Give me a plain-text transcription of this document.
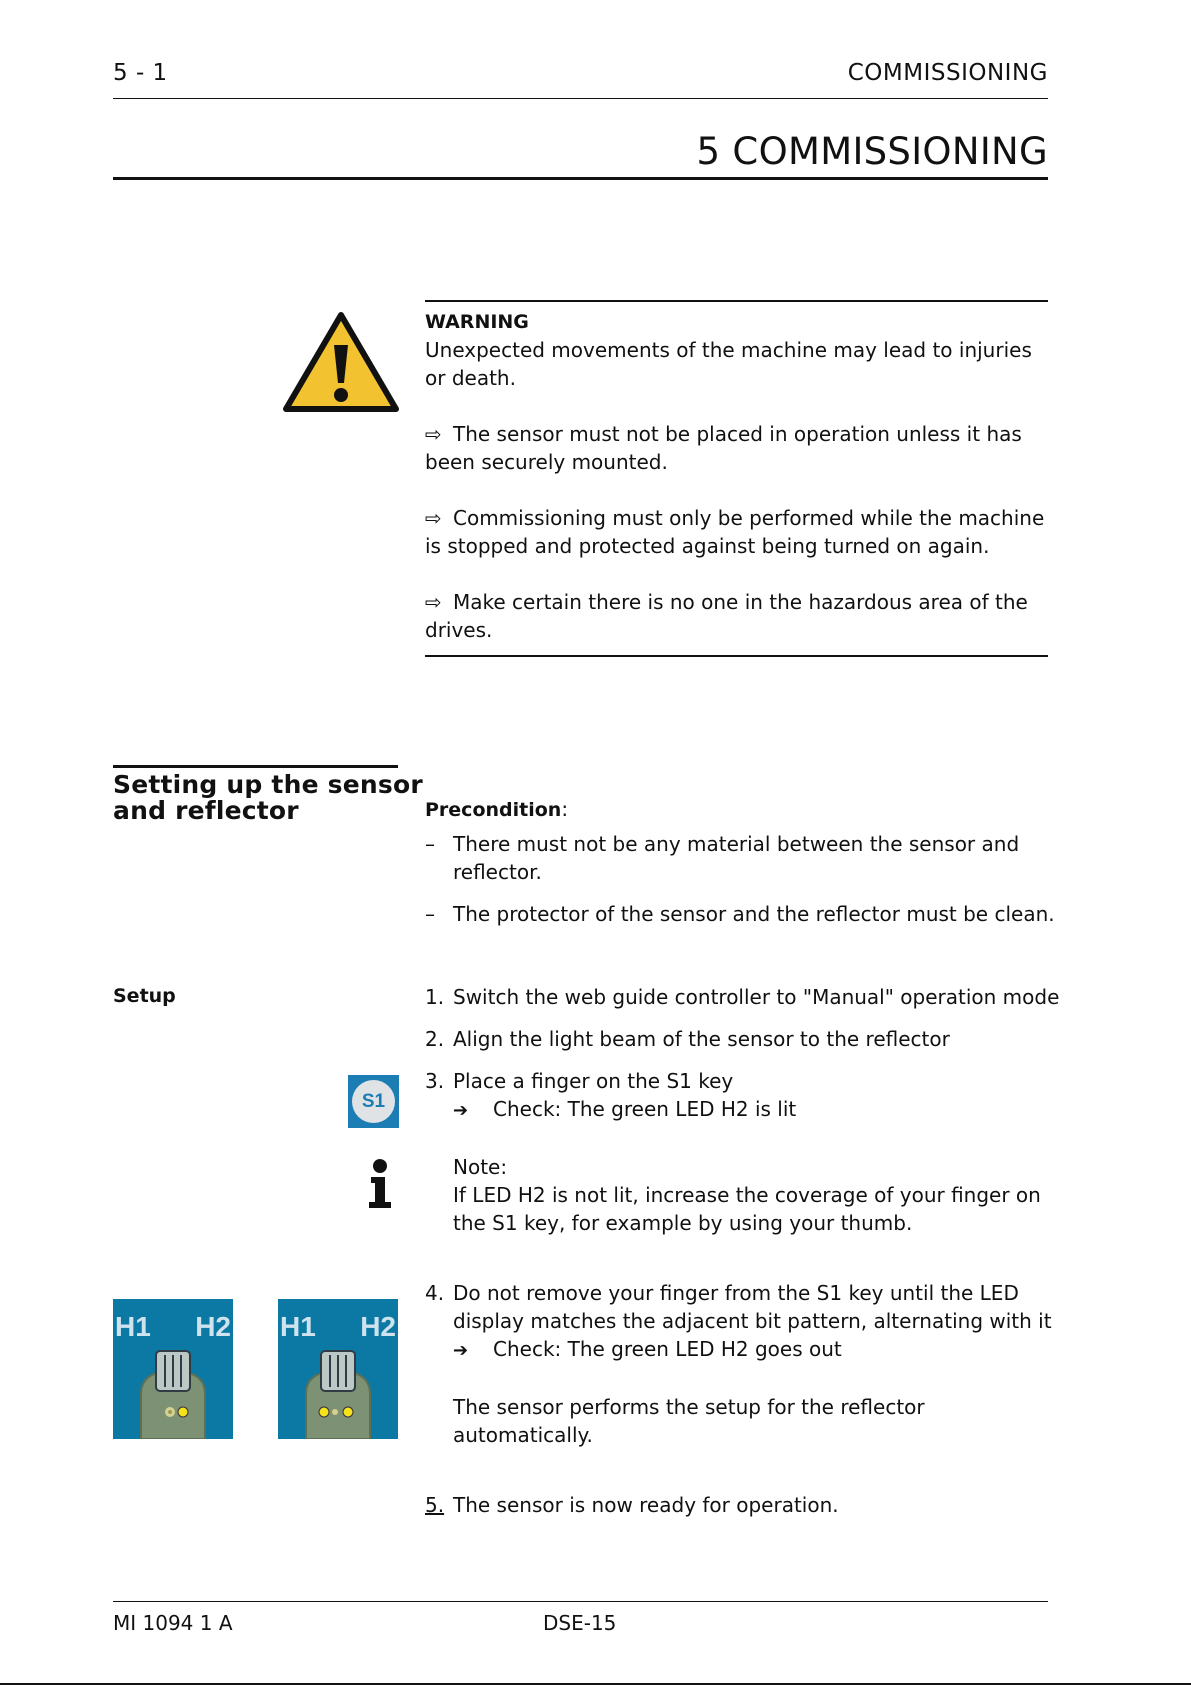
5 - 1	COMMISSIONING
5 COMMISSIONING
WARNING

Unexpected movements of the machine may lead to injuries or death.

⇨ The sensor must not be placed in operation unless it has been securely mounted.

⇨ Commissioning must only be performed while the machine is stopped and protected against being turned on again.

⇨ Make certain there is no one in the hazardous area of the drives.

Setting up the sensor
and reflector	Precondition:
– There must not be any material between the sensor and
reflector.
– The protector of the sensor and the reflector must be clean.
Setup	1. Switch the web guide controller to "Manual" operation mode
2. Align the light beam of the sensor to the reflector
3. Place a finger on the S1 key
➔ Check: The green LED H2 is lit
Note:
If LED H2 is not lit, increase the coverage of your finger on
the S1 key, for example by using your thumb.
4. Do not remove your finger from the S1 key until the LED
display matches the adjacent bit pattern, alternating with it
➔ Check: The green LED H2 goes out
The sensor performs the setup for the reflector
automatically.
5. The sensor is now ready for operation.
S1
H1 H2 H1 H2
MI 1094 1 A	DSE-15
